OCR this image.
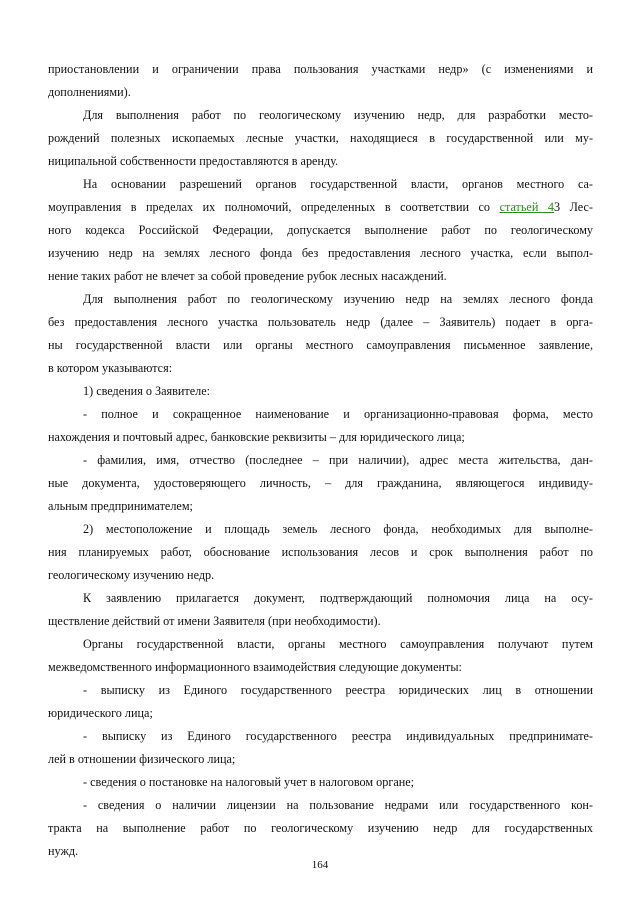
приостановлении и ограничении права пользования участками недр» (с изменениями и
дополнениями).
Для выполнения работ по геологическому изучению недр, для разработки место-
рождений полезных ископаемых лесные участки, находящиеся в государственной или му-
ниципальной собственности предоставляются в аренду.
На основании разрешений органов государственной власти, органов местного са-
моуправления в пределах их полномочий, определенных в соответствии со статьей 43 Лес-
ного кодекса Российской Федерации, допускается выполнение работ по геологическому
изучению недр на землях лесного фонда без предоставления лесного участка, если выпол-
нение таких работ не влечет за собой проведение рубок лесных насаждений.
Для выполнения работ по геологическому изучению недр на землях лесного фонда
без предоставления лесного участка пользователь недр (далее – Заявитель) подает в орга-
ны государственной власти или органы местного самоуправления письменное заявление,
в котором указываются:
1) сведения о Заявителе:
- полное и сокращенное наименование и организационно-правовая форма, место
нахождения и почтовый адрес, банковские реквизиты – для юридического лица;
- фамилия, имя, отчество (последнее – при наличии), адрес места жительства, дан-
ные документа, удостоверяющего личность, – для гражданина, являющегося индивиду-
альным предпринимателем;
2) местоположение и площадь земель лесного фонда, необходимых для выполне-
ния планируемых работ, обоснование использования лесов и срок выполнения работ по
геологическому изучению недр.
К заявлению прилагается документ, подтверждающий полномочия лица на осу-
ществление действий от имени Заявителя (при необходимости).
Органы государственной власти, органы местного самоуправления получают путем
межведомственного информационного взаимодействия следующие документы:
- выписку из Единого государственного реестра юридических лиц в отношении
юридического лица;
- выписку из Единого государственного реестра индивидуальных предпринимате-
лей в отношении физического лица;
- сведения о постановке на налоговый учет в налоговом органе;
- сведения о наличии лицензии на пользование недрами или государственного кон-
тракта на выполнение работ по геологическому изучению недр для государственных
нужд.
164
